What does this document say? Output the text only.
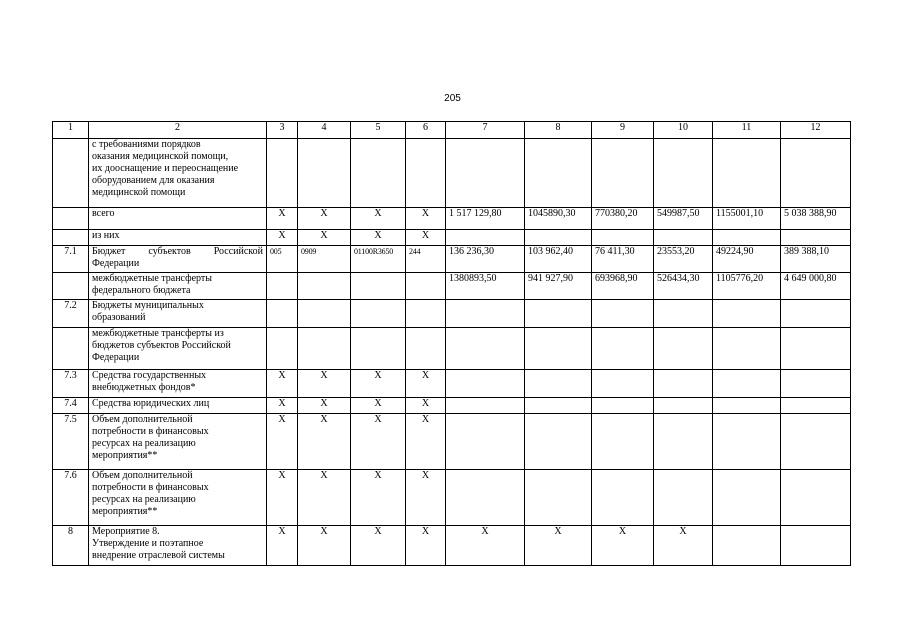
205
1	2	3	4	5	6	7	8	9	10	11	12

	с требованиями порядков
оказания медицинской помощи,
их дооснащение и переоснащение
оборудованием для оказания
медицинской помощи										

	всего	X	X	X	X	1 517 129,80	1045890,30	770380,20	549987,50	1155001,10	5 038 388,90
	из них	X	X	X	X						
7.1	Бюджет субъектов Российской
Федерации	005	0909	01100R3650	244	136 236,30	103 962,40	76 411,30	23553,20	49224,90	389 388,10

	межбюджетные трансферты
федерального бюджета					1380893,50	941 927,90	693968,90	526434,30	1105776,20	4 649 000,80
7.2	Бюджеты муниципальных
образований										

	межбюджетные трансферты из
бюджетов субъектов Российской
Федерации										

7.3	Средства государственных
внебюджетных фондов*	X	X	X	X						
7.4	Средства юридических лиц	X	X	X	X						
7.5	Объем дополнительной
потребности в финансовых
ресурсах на реализацию
мероприятия**	X	X	X	X						
7.6	Объем дополнительной
потребности в финансовых
ресурсах на реализацию
мероприятия**	X	X	X	X						
8	Мероприятие 8.
Утверждение и поэтапное
внедрение отраслевой системы	X	X	X	X	X	X	X	X		
